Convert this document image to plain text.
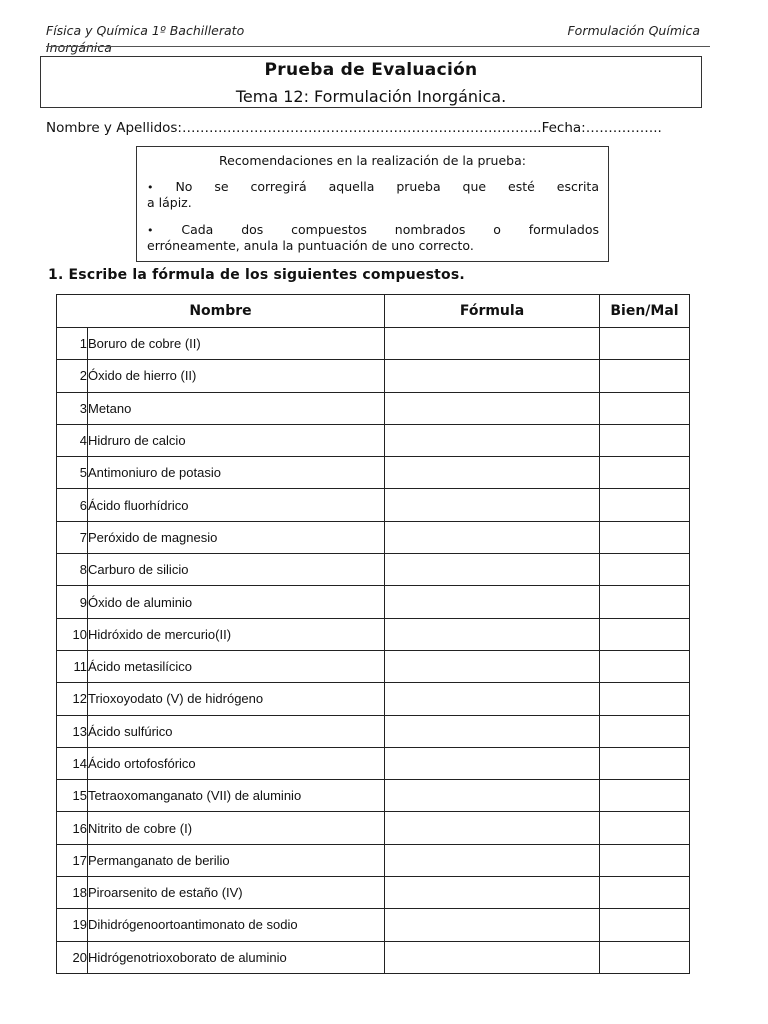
Física y Química 1º Bachillerato Inorgánica
Formulación Química
Prueba de Evaluación
Tema 12: Formulación Inorgánica.
Nombre y Apellidos:……………………………………………………………………..Fecha:……………..
Recomendaciones en la realización de la prueba:
• No se corregirá aquella prueba que esté escrita
a lápiz.
• Cada dos compuestos nombrados o formulados
erróneamente, anula la puntuación de uno correcto.
1. Escribe la fórmula de los siguientes compuestos.
Nombre		Fórmula	Bien/Mal
1	Boruro de cobre (II)		
2	Óxido de hierro (II)		
3	Metano		
4	Hidruro de calcio		
5	Antimoniuro de potasio		
6	Ácido fluorhídrico		
7	Peróxido de magnesio		
8	Carburo de silicio		
9	Óxido de aluminio		
10	Hidróxido de mercurio(II)		
11	Ácido metasilícico		
12	Trioxoyodato (V) de hidrógeno		
13	Ácido sulfúrico		
14	Ácido ortofosfórico		
15	Tetraoxomanganato (VII) de aluminio		
16	Nitrito de cobre (I)		
17	Permanganato de berilio		
18	Piroarsenito de estaño (IV)		
19	Dihidrógenoortoantimonato de sodio		
20	Hidrógenotrioxoborato de aluminio		
